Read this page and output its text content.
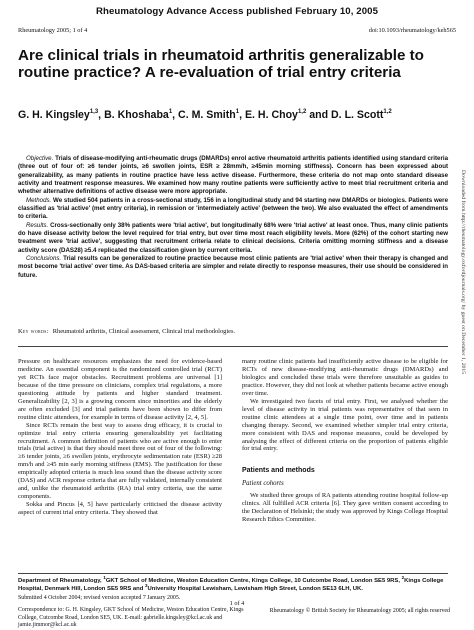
Rheumatology Advance Access published February 10, 2005
Rheumatology 2005; 1 of 4	doi:10.1093/rheumatology/keh565
Are clinical trials in rheumatoid arthritis generalizable to routine practice? A re-evaluation of trial entry criteria
G. H. Kingsley$^{1,3}$, B. Khoshaba$^1$, C. M. Smith$^1$, E. H. Choy$^{1,2}$ and D. L. Scott$^{1,2}$

Objective. Trials of disease-modifying anti-rheumatic drugs (DMARDs) enrol active rheumatoid arthritis patients identified using standard criteria (three out of four of: ≥6 tender joints, ≥6 swollen joints, ESR ≥ 28mm/h, ≥45min morning stiffness). Concern has been expressed about generalizability, as many patients in routine practice have less active disease. Furthermore, these criteria do not map onto standard disease activity and treatment response measures. We examined how many routine patients were sufficiently active to meet trial recruitment criteria and whether alternative definitions of active disease were more appropriate.

Methods. We studied 504 patients in a cross-sectional study, 156 in a longitudinal study and 94 starting new DMARDs or biologics. Patients were classified as 'trial active' (met entry criteria), in remission or 'intermediately active' (between the two). We also evaluated the effect of amendments to criteria.

Results. Cross-sectionally only 38% patients were 'trial active', but longitudinally 68% were 'trial active' at least once. Thus, many clinic patients do have disease activity below the level required for trial entry, but over time most reach eligibility levels. More (62%) of the cohort starting new treatment were 'trial active', suggesting that recruitment criteria relate to clinical decisions. Criteria omitting morning stiffness and a disease activity score (DAS28) ≥5.4 replicated the classification given by current criteria.

Conclusions. Trial results can be generalized to routine practice because most clinic patients are 'trial active' when their therapy is changed and most become 'trial active' over time. As DAS-based criteria are simpler and relate directly to response measures, their use should be considered in future.

Key words: Rheumatoid arthritis, Clinical assessment, Clinical trial methodologies.

Pressure on healthcare resources emphasizes the need for evidence-based medicine. An essential component is the randomized controlled trial (RCT) yet RCTs face major obstacles. Recruitment problems are universal [1] because of the time pressure on clinicians, complex trial regulations, a more questioning attitude by patients and higher standard treatment. Generalizability [2, 3] is a growing concern since minorities and the elderly are often excluded [3] and trial patients have been shown to differ from routine clinic attendees, for example in terms of disease activity [2, 4, 5].

Since RCTs remain the best way to assess drug efficacy, it is crucial to optimize trial entry criteria ensuring generalizability yet facilitating recruitment. A common definition of patients who are active enough to enter trials (trial active) is that they should meet three out of four of the following: ≥6 tender joints, ≥6 swollen joints, erythrocyte sedimentation rate (ESR) ≥28 mm/h and ≥45 min early morning stiffness (EMS). The justification for these empirically adopted criteria is much less sound than the disease activity score (DAS) and ACR response criteria that are fully validated, internally consistent and, unlike the rheumatoid arthritis (RA) trial entry criteria, use the same components.

Sokka and Pincus [4, 5] have particularly criticised the disease activity aspect of current trial entry criteria. They showed that

many routine clinic patients had insufficiently active disease to be eligible for RCTs of new disease-modifying anti-rheumatic drugs (DMARDs) and biologics and concluded these trials were therefore unsuitable as guides to practice. However, they did not look at whether patients became active enough over time.

We investigated two facets of trial entry. First, we analysed whether the level of disease activity in trial patients was representative of that seen in routine clinic attendees at a single time point, over time and in patients changing therapy. Second, we examined whether simpler trial entry criteria, more consistent with DAS and response measures, could be developed by analysing the effect of different criteria on the proportion of patients eligible for trial entry.

Patients and methods
Patient cohorts

We studied three groups of RA patients attending routine hospital follow-up clinics. All fulfilled ACR criteria [6]. They gave written consent according to the Declaration of Helsinki; the study was approved by Kings College Hospital Research Ethics Committee.

Department of Rheumatology, $^1$GKT School of Medicine, Weston Education Centre, Kings College, 10 Cutcombe Road, London SE5 9RS, $^2$Kings College Hospital, Denmark Hill, London SE5 9RS and $^3$University Hospital Lewisham, Lewisham High Street, London SE13 6LH, UK.
Submitted 4 October 2004; revised version accepted 7 January 2005.
Correspondence to: G. H. Kingsley, GKT School of Medicine, Weston Education Centre, Kings College, Cutcombe Road, London SE5, UK. E-mail: gabrielle.kingsley@kcl.ac.uk and jamie.jimmor@kcl.ac.uk
1 of 4
Rheumatology © British Society for Rheumatology 2005; all rights reserved
Downloaded from http://rheumatology.oxfordjournals.org/ by guest on December 1, 2015
